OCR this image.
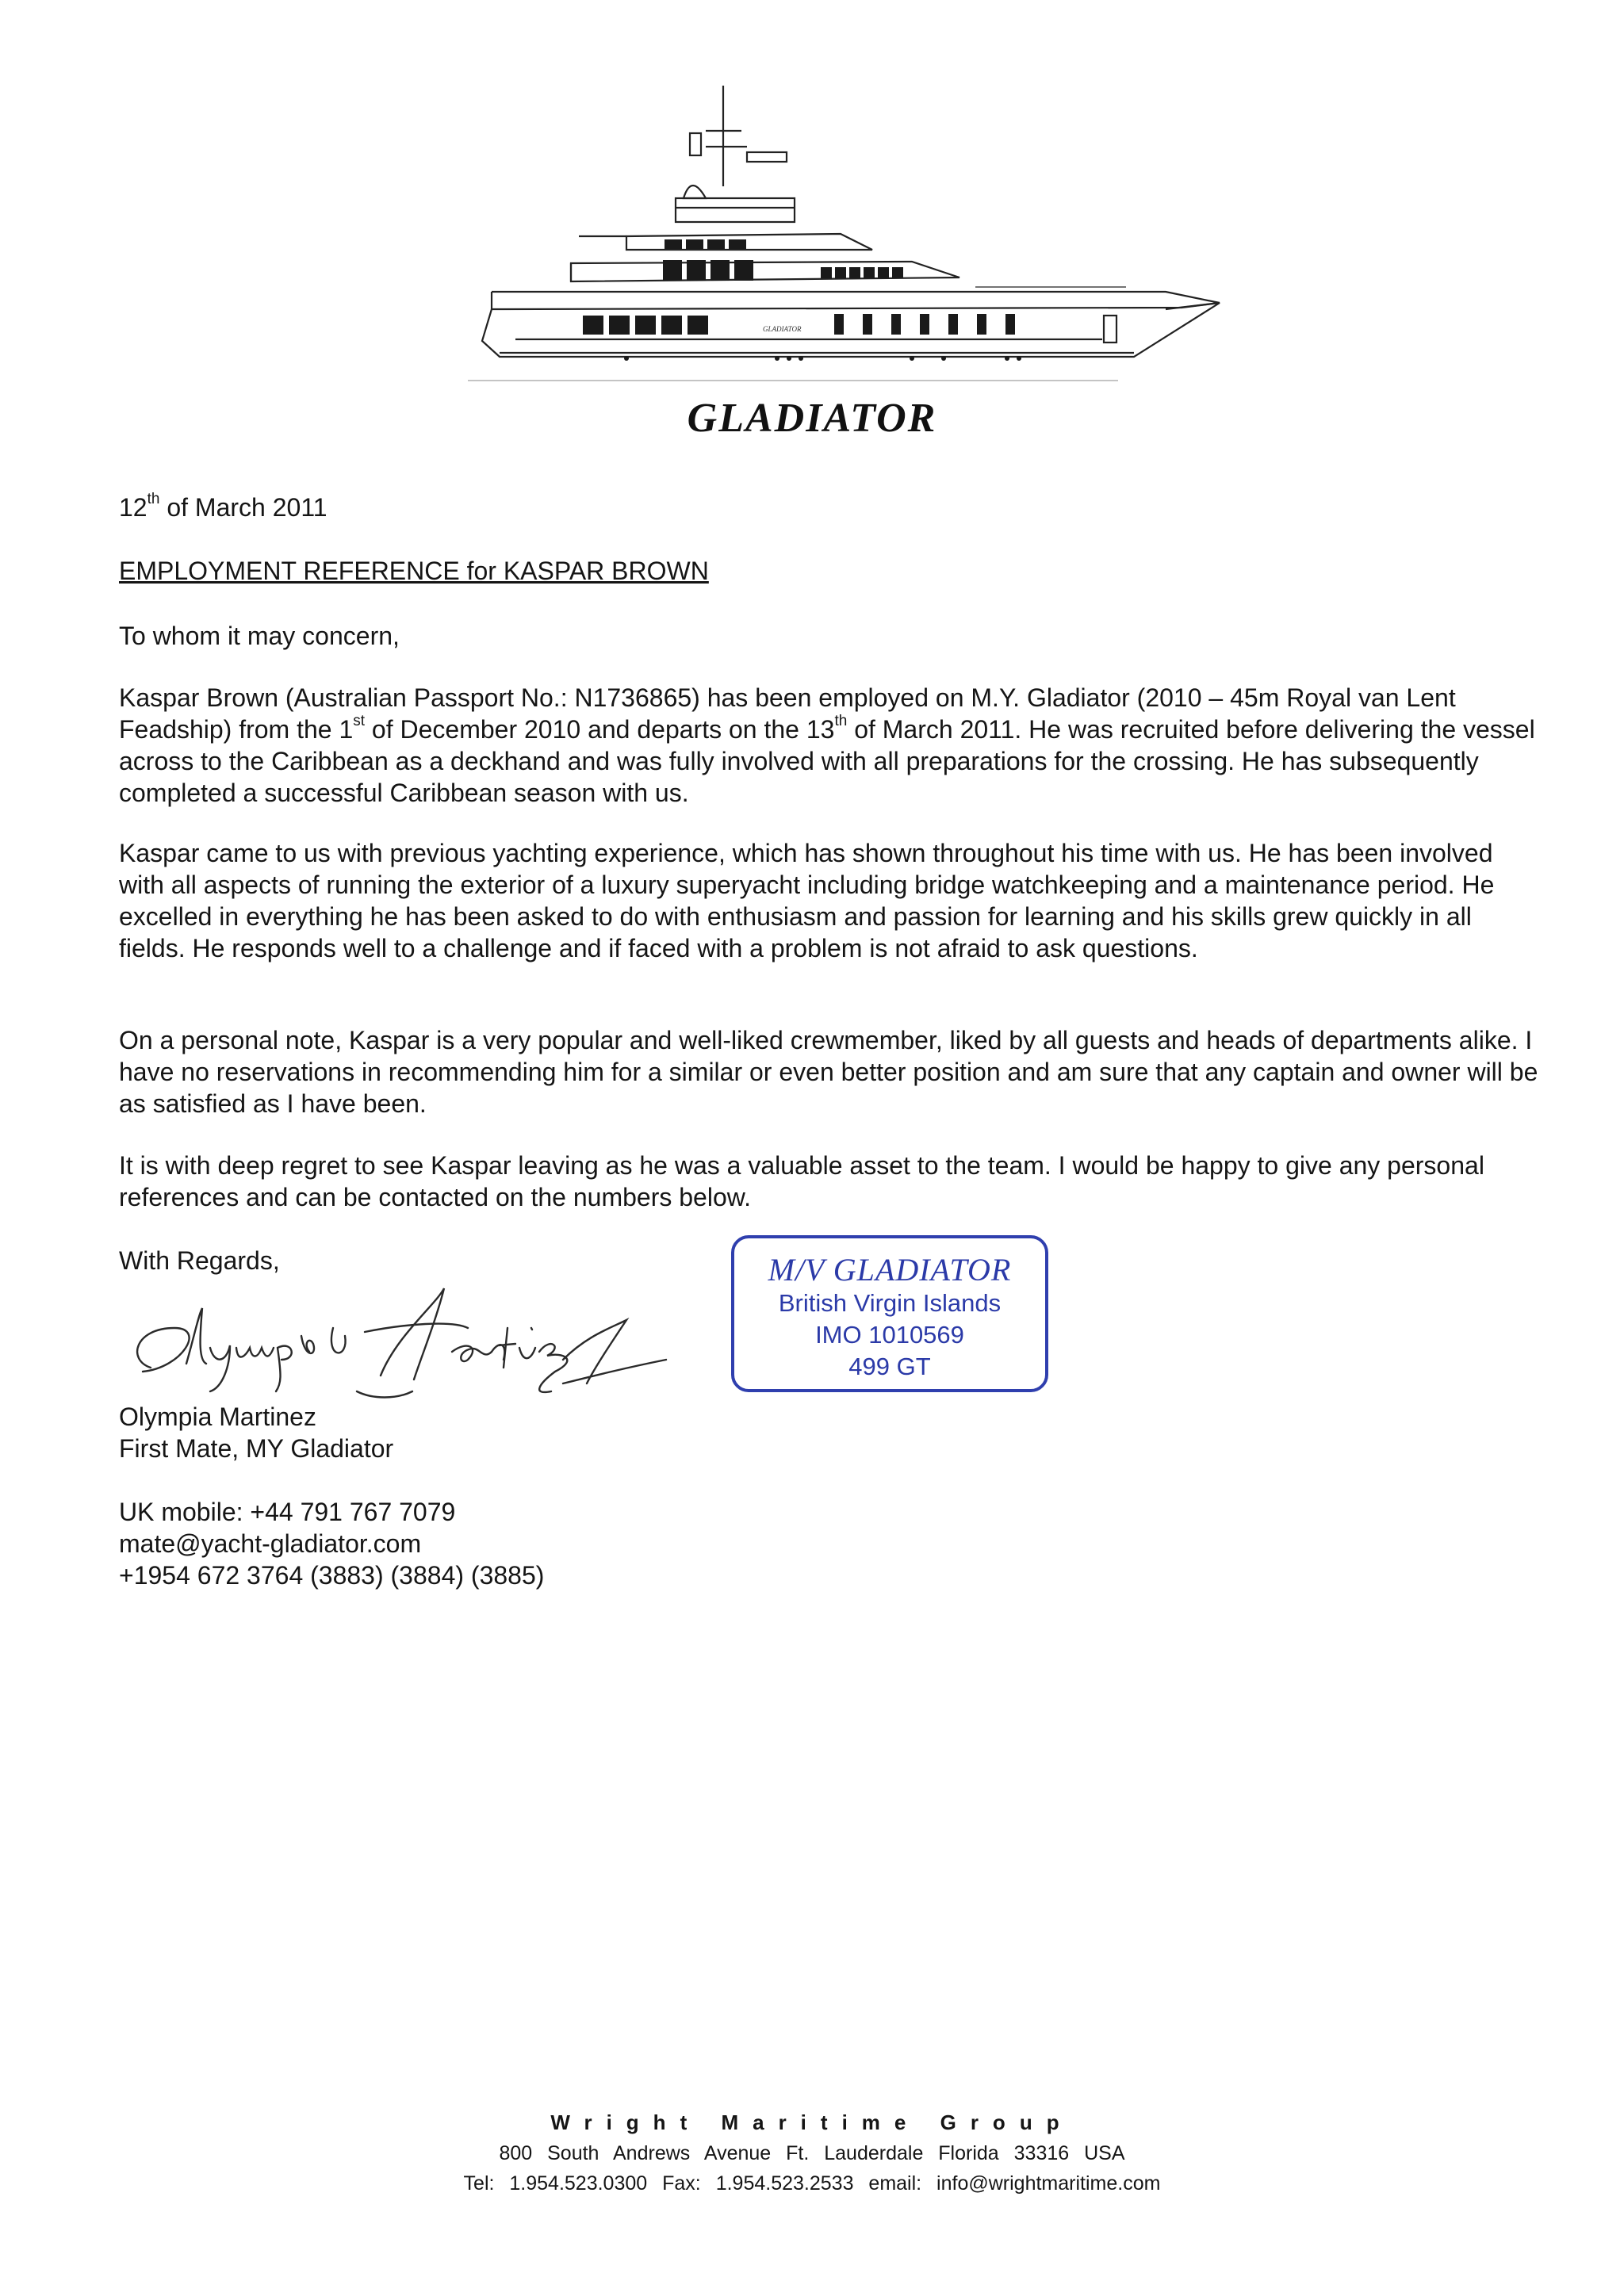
GLADIATOR
GLADIATOR
12th of March 2011
EMPLOYMENT REFERENCE for KASPAR BROWN
To whom it may concern,
Kaspar Brown (Australian Passport No.: N1736865) has been employed on M.Y. Gladiator (2010 – 45m Royal van Lent Feadship) from the 1st of December 2010 and departs on the 13th of March 2011. He was recruited before delivering the vessel across to the Caribbean as a deckhand and was fully involved with all preparations for the crossing. He has subsequently completed a successful Caribbean season with us.
Kaspar came to us with previous yachting experience, which has shown throughout his time with us. He has been involved with all aspects of running the exterior of a luxury superyacht including bridge watchkeeping and a maintenance period. He excelled in everything he has been asked to do with enthusiasm and passion for learning and his skills grew quickly in all fields. He responds well to a challenge and if faced with a problem is not afraid to ask questions.
On a personal note, Kaspar is a very popular and well-liked crewmember, liked by all guests and heads of departments alike. I have no reservations in recommending him for a similar or even better position and am sure that any captain and owner will be as satisfied as I have been.
It is with deep regret to see Kaspar leaving as he was a valuable asset to the team. I would be happy to give any personal references and can be contacted on the numbers below.
With Regards,
Olympia Martinez
First Mate, MY Gladiator
UK mobile: +44 791 767 7079
mate@yacht-gladiator.com
+1954 672 3764 (3883) (3884) (3885)
M/V GLADIATOR
British Virgin Islands
IMO 1010569
499 GT
Wright Maritime Group
800 South Andrews Avenue Ft. Lauderdale Florida 33316 USA
Tel: 1.954.523.0300 Fax: 1.954.523.2533 email: info@wrightmaritime.com
